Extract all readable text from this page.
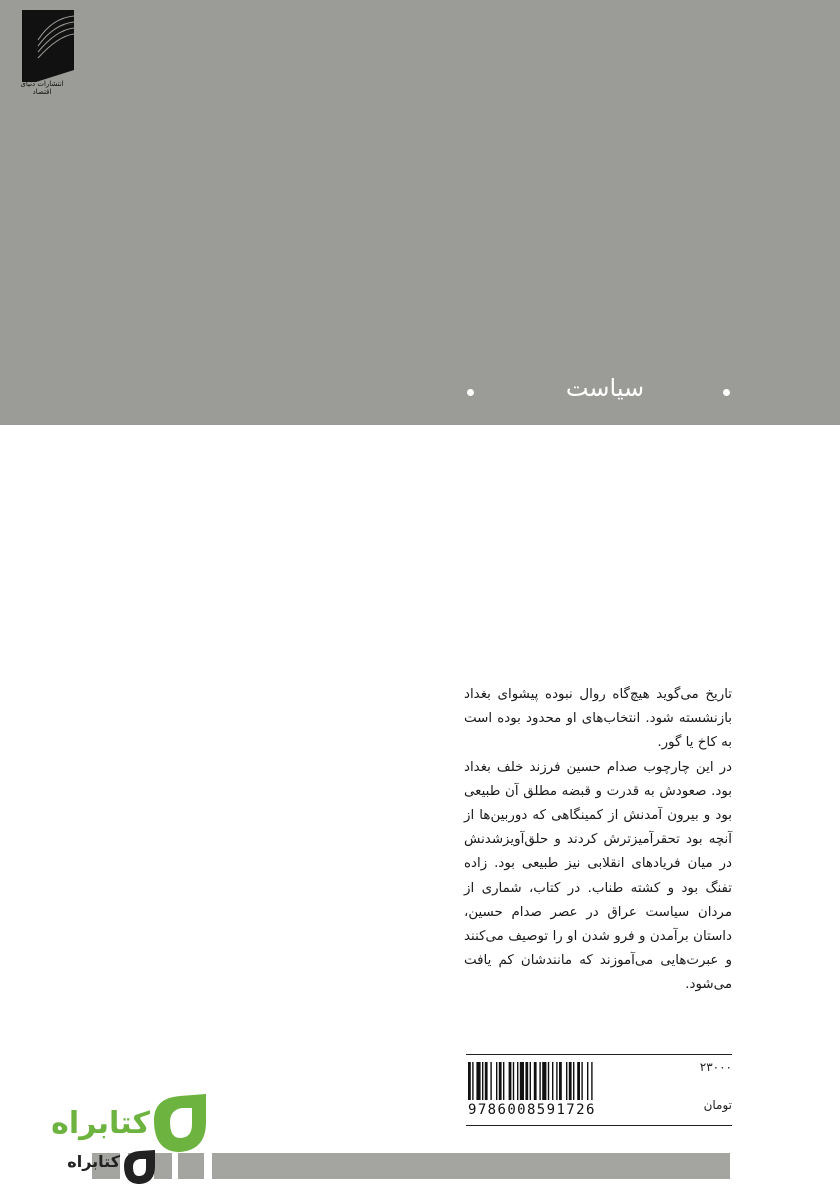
انتشارات دنیای اقتصاد
سیاست

تاریخ می‌گوید هیچ‌گاه روال نبوده پیشوای بغداد بازنشسته شود. انتخاب‌های او محدود بوده است به کاخ یا گور.

در این چارچوب صدام حسین فرزند خلف بغداد بود. صعودش به قدرت و قبضه مطلق آن طبیعی بود و بیرون آمدنش از کمینگاهی که دوربین‌ها از آنچه بود تحقرآمیزترش کردند و حلق‌آویزشدنش در میان فریادهای انقلابی نیز طبیعی بود. زاده تفنگ بود و کشته طناب. در کتاب، شماری از مردان سیاست عراق در عصر صدام حسین، داستان برآمدن و فرو شدن او را توصیف می‌کنند و عبرت‌هایی می‌آموزند که مانندشان کم یافت می‌شود.

۲۳۰۰۰
9786008591726	تومان
کتابراه
کتابراه
